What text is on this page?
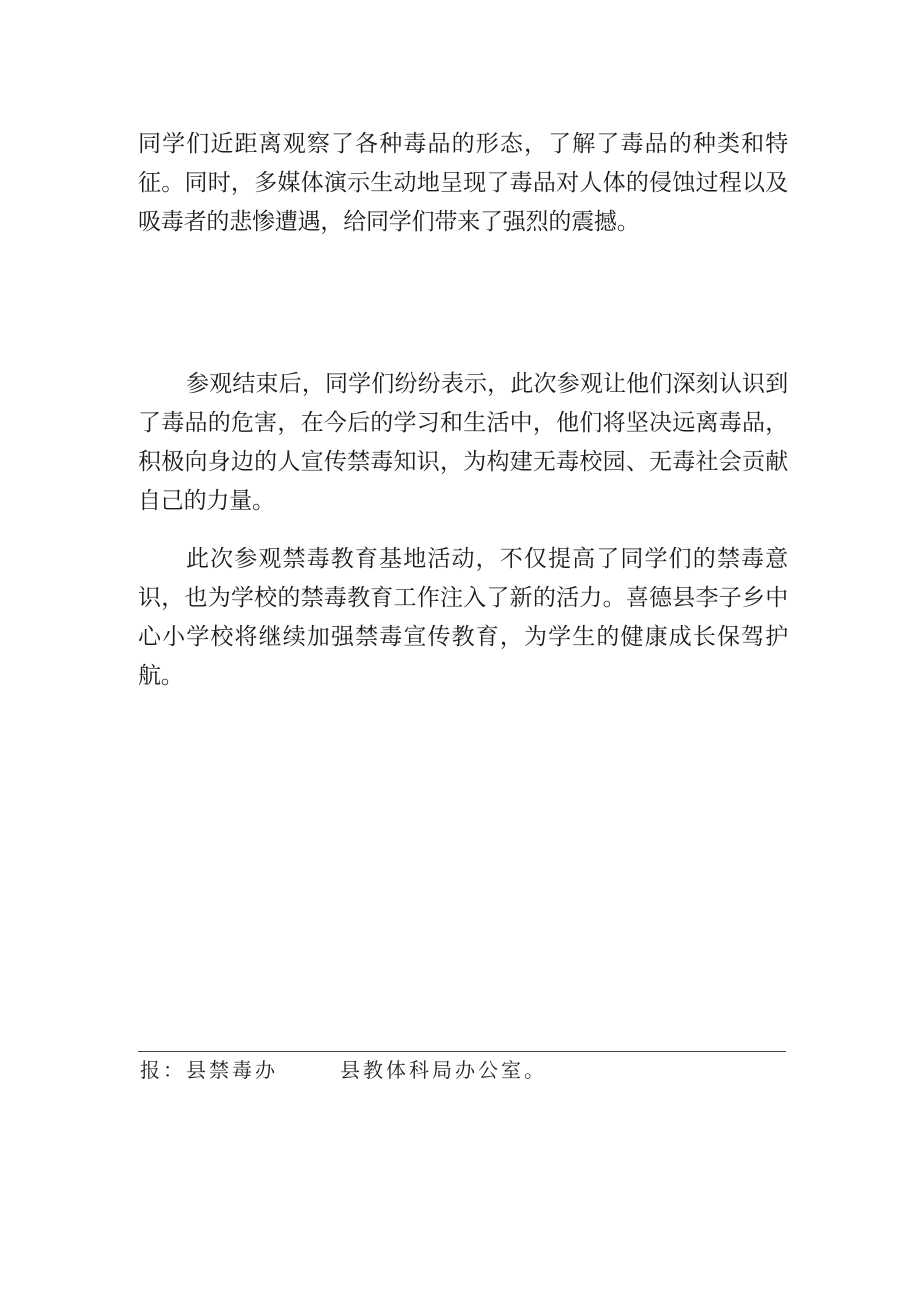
同学们近距离观察了各种毒品的形态，了解了毒品的种类和特征。同时，多媒体演示生动地呈现了毒品对人体的侵蚀过程以及吸毒者的悲惨遭遇，给同学们带来了强烈的震撼。

参观结束后，同学们纷纷表示，此次参观让他们深刻认识到了毒品的危害，在今后的学习和生活中，他们将坚决远离毒品，积极向身边的人宣传禁毒知识，为构建无毒校园、无毒社会贡献自己的力量。

此次参观禁毒教育基地活动，不仅提高了同学们的禁毒意识，也为学校的禁毒教育工作注入了新的活力。喜德县李子乡中心小学校将继续加强禁毒宣传教育，为学生的健康成长保驾护航。

报：县禁毒办	县教体科局办公室。
